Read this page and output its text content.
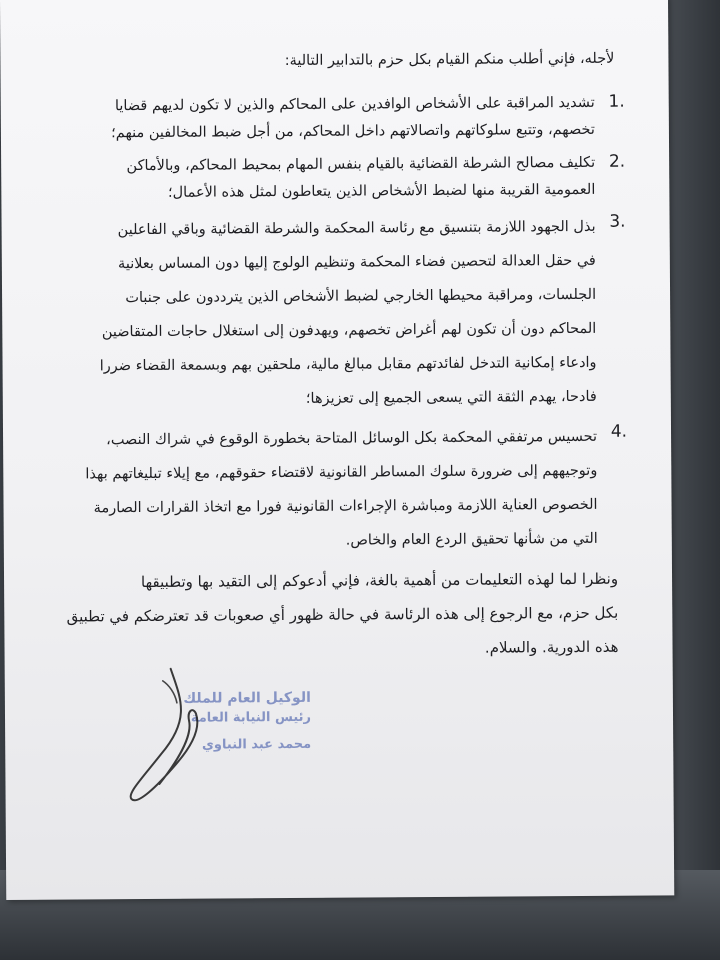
لأجله، فإني أطلب منكم القيام بكل حزم بالتدابير التالية:
1.
تشديد المراقبة على الأشخاص الوافدين على المحاكم والذين لا تكون لديهم قضايا
تخصهم، وتتبع سلوكاتهم واتصالاتهم داخل المحاكم، من أجل ضبط المخالفين منهم؛
2.
تكليف مصالح الشرطة القضائية بالقيام بنفس المهام بمحيط المحاكم، وبالأماكن
العمومية القريبة منها لضبط الأشخاص الذين يتعاطون لمثل هذه الأعمال؛
3.
بذل الجهود اللازمة بتنسيق مع رئاسة المحكمة والشرطة القضائية وباقي الفاعلين
في حقل العدالة لتحصين فضاء المحكمة وتنظيم الولوج إليها دون المساس بعلانية
الجلسات، ومراقبة محيطها الخارجي لضبط الأشخاص الذين يترددون على جنبات
المحاكم دون أن تكون لهم أغراض تخصهم، ويهدفون إلى استغلال حاجات المتقاضين
وادعاء إمكانية التدخل لفائدتهم مقابل مبالغ مالية، ملحقين بهم وبسمعة القضاء ضررا
فادحا، يهدم الثقة التي يسعى الجميع إلى تعزيزها؛
4.
تحسيس مرتفقي المحكمة بكل الوسائل المتاحة بخطورة الوقوع في شراك النصب،
وتوجيههم إلى ضرورة سلوك المساطر القانونية لاقتضاء حقوقهم، مع إيلاء تبليغاتهم بهذا
الخصوص العناية اللازمة ومباشرة الإجراءات القانونية فورا مع اتخاذ القرارات الصارمة
التي من شأنها تحقيق الردع العام والخاص.
ونظرا لما لهذه التعليمات من أهمية بالغة، فإني أدعوكم إلى التقيد بها وتطبيقها
بكل حزم، مع الرجوع إلى هذه الرئاسة في حالة ظهور أي صعوبات قد تعترضكم في تطبيق
هذه الدورية. والسلام.
الوكيل العام للملك
رئيس النيابة العامة
محمد عبد النباوي
